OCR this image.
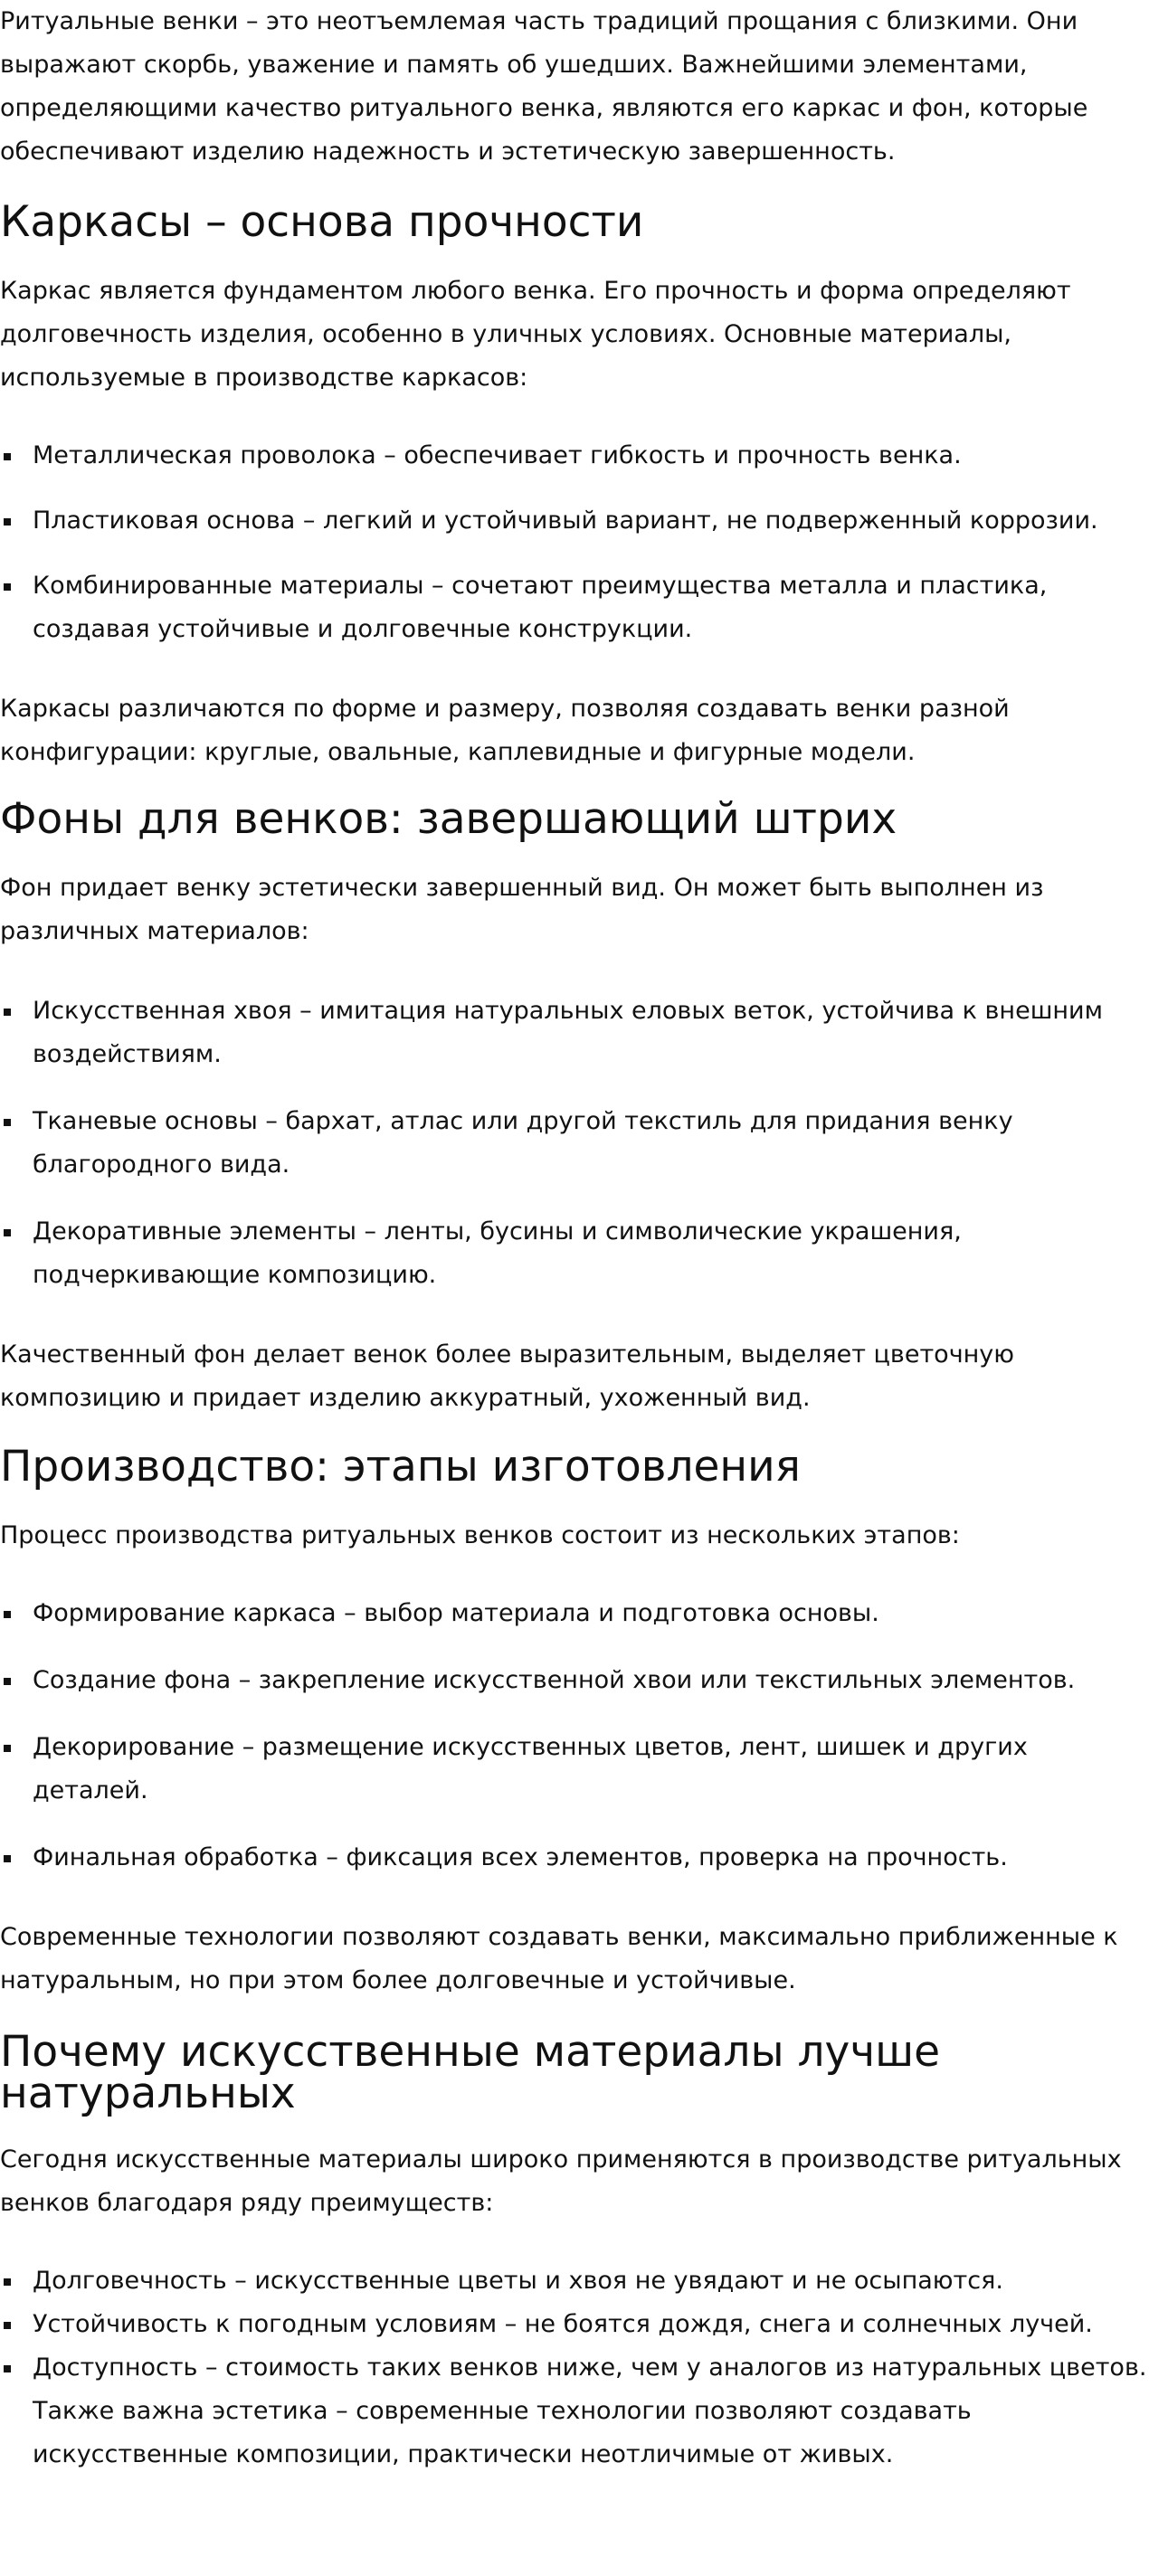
Ритуальные венки – это неотъемлемая часть традиций прощания с близкими. Они выражают скорбь, уважение и память об ушедших. Важнейшими элементами, определяющими качество ритуального венка, являются его каркас и фон, которые обеспечивают изделию надежность и эстетическую завершенность.

Каркасы – основа прочности

Каркас является фундаментом любого венка. Его прочность и форма определяют долговечность изделия, особенно в уличных условиях. Основные материалы, используемые в производстве каркасов:

Металлическая проволока – обеспечивает гибкость и прочность венка.
Пластиковая основа – легкий и устойчивый вариант, не подверженный коррозии.
Комбинированные материалы – сочетают преимущества металла и пластика, создавая устойчивые и долговечные конструкции.

Каркасы различаются по форме и размеру, позволяя создавать венки разной конфигурации: круглые, овальные, каплевидные и фигурные модели.

Фоны для венков: завершающий штрих

Фон придает венку эстетически завершенный вид. Он может быть выполнен из различных материалов:

Искусственная хвоя – имитация натуральных еловых веток, устойчива к внешним воздействиям.
Тканевые основы – бархат, атлас или другой текстиль для придания венку благородного вида.
Декоративные элементы – ленты, бусины и символические украшения, подчеркивающие композицию.

Качественный фон делает венок более выразительным, выделяет цветочную композицию и придает изделию аккуратный, ухоженный вид.

Производство: этапы изготовления

Процесс производства ритуальных венков состоит из нескольких этапов:

Формирование каркаса – выбор материала и подготовка основы.
Создание фона – закрепление искусственной хвои или текстильных элементов.
Декорирование – размещение искусственных цветов, лент, шишек и других деталей.
Финальная обработка – фиксация всех элементов, проверка на прочность.

Современные технологии позволяют создавать венки, максимально приближенные к натуральным, но при этом более долговечные и устойчивые.

Почему искусственные материалы лучше натуральных

Сегодня искусственные материалы широко применяются в производстве ритуальных венков благодаря ряду преимуществ:

Долговечность – искусственные цветы и хвоя не увядают и не осыпаются.
Устойчивость к погодным условиям – не боятся дождя, снега и солнечных лучей.
Доступность – стоимость таких венков ниже, чем у аналогов из натуральных цветов. Также важна эстетика – современные технологии позволяют создавать искусственные композиции, практически неотличимые от живых.
